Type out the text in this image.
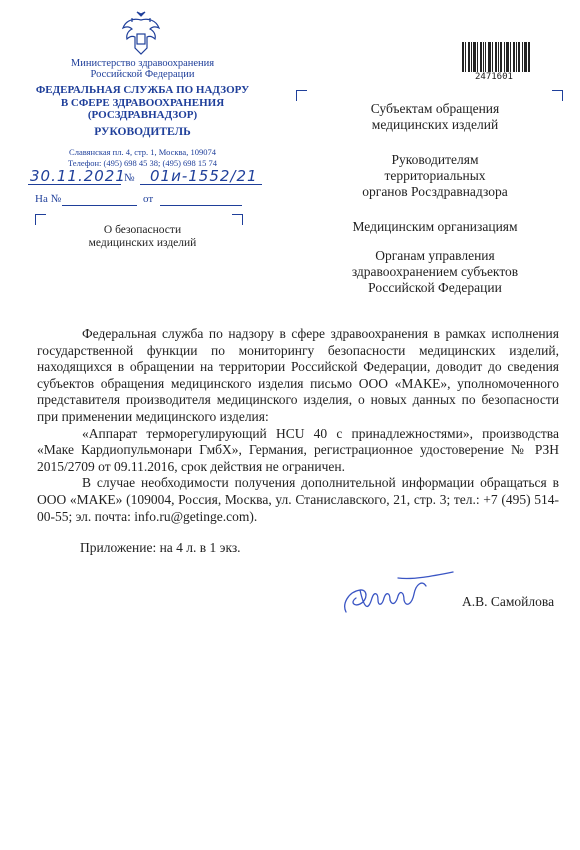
Министерство здравоохранения
Российской Федерации
ФЕДЕРАЛЬНАЯ СЛУЖБА ПО НАДЗОРУ
В СФЕРЕ ЗДРАВООХРАНЕНИЯ
(РОСЗДРАВНАДЗОР)
РУКОВОДИТЕЛЬ
Славянская пл. 4, стр. 1, Москва, 109074
Телефон: (495) 698 45 38; (495) 698 15 74
30.11.2021
№ 01и-1552/21
На №	от
О безопасности
медицинских изделий
2471601
Субъектам обращения
медицинских изделий
Руководителям
территориальных
органов Росздравнадзора
Медицинским организациям
Органам управления
здравоохранением субъектов
Российской Федерации

Федеральная служба по надзору в сфере здравоохранения в рамках исполнения государственной функции по мониторингу безопасности медицинских изделий, находящихся в обращении на территории Российской Федерации, доводит до сведения субъектов обращения медицинского изделия письмо ООО «МАКЕ», уполномоченного представителя производителя медицинского изделия, о новых данных по безопасности при применении медицинского изделия:

«Аппарат терморегулирующий HCU 40 с принадлежностями», производства «Маке Кардиопульмонари ГмбХ», Германия, регистрационное удостоверение № РЗН 2015/2709 от 09.11.2016, срок действия не ограничен.

В случае необходимости получения дополнительной информации обращаться в ООО «МАКЕ» (109004, Россия, Москва, ул. Станиславского, 21, стр. 3; тел.: +7 (495) 514-00-55; эл. почта: info.ru@getinge.com).

Приложение: на 4 л. в 1 экз.
А.В. Самойлова
